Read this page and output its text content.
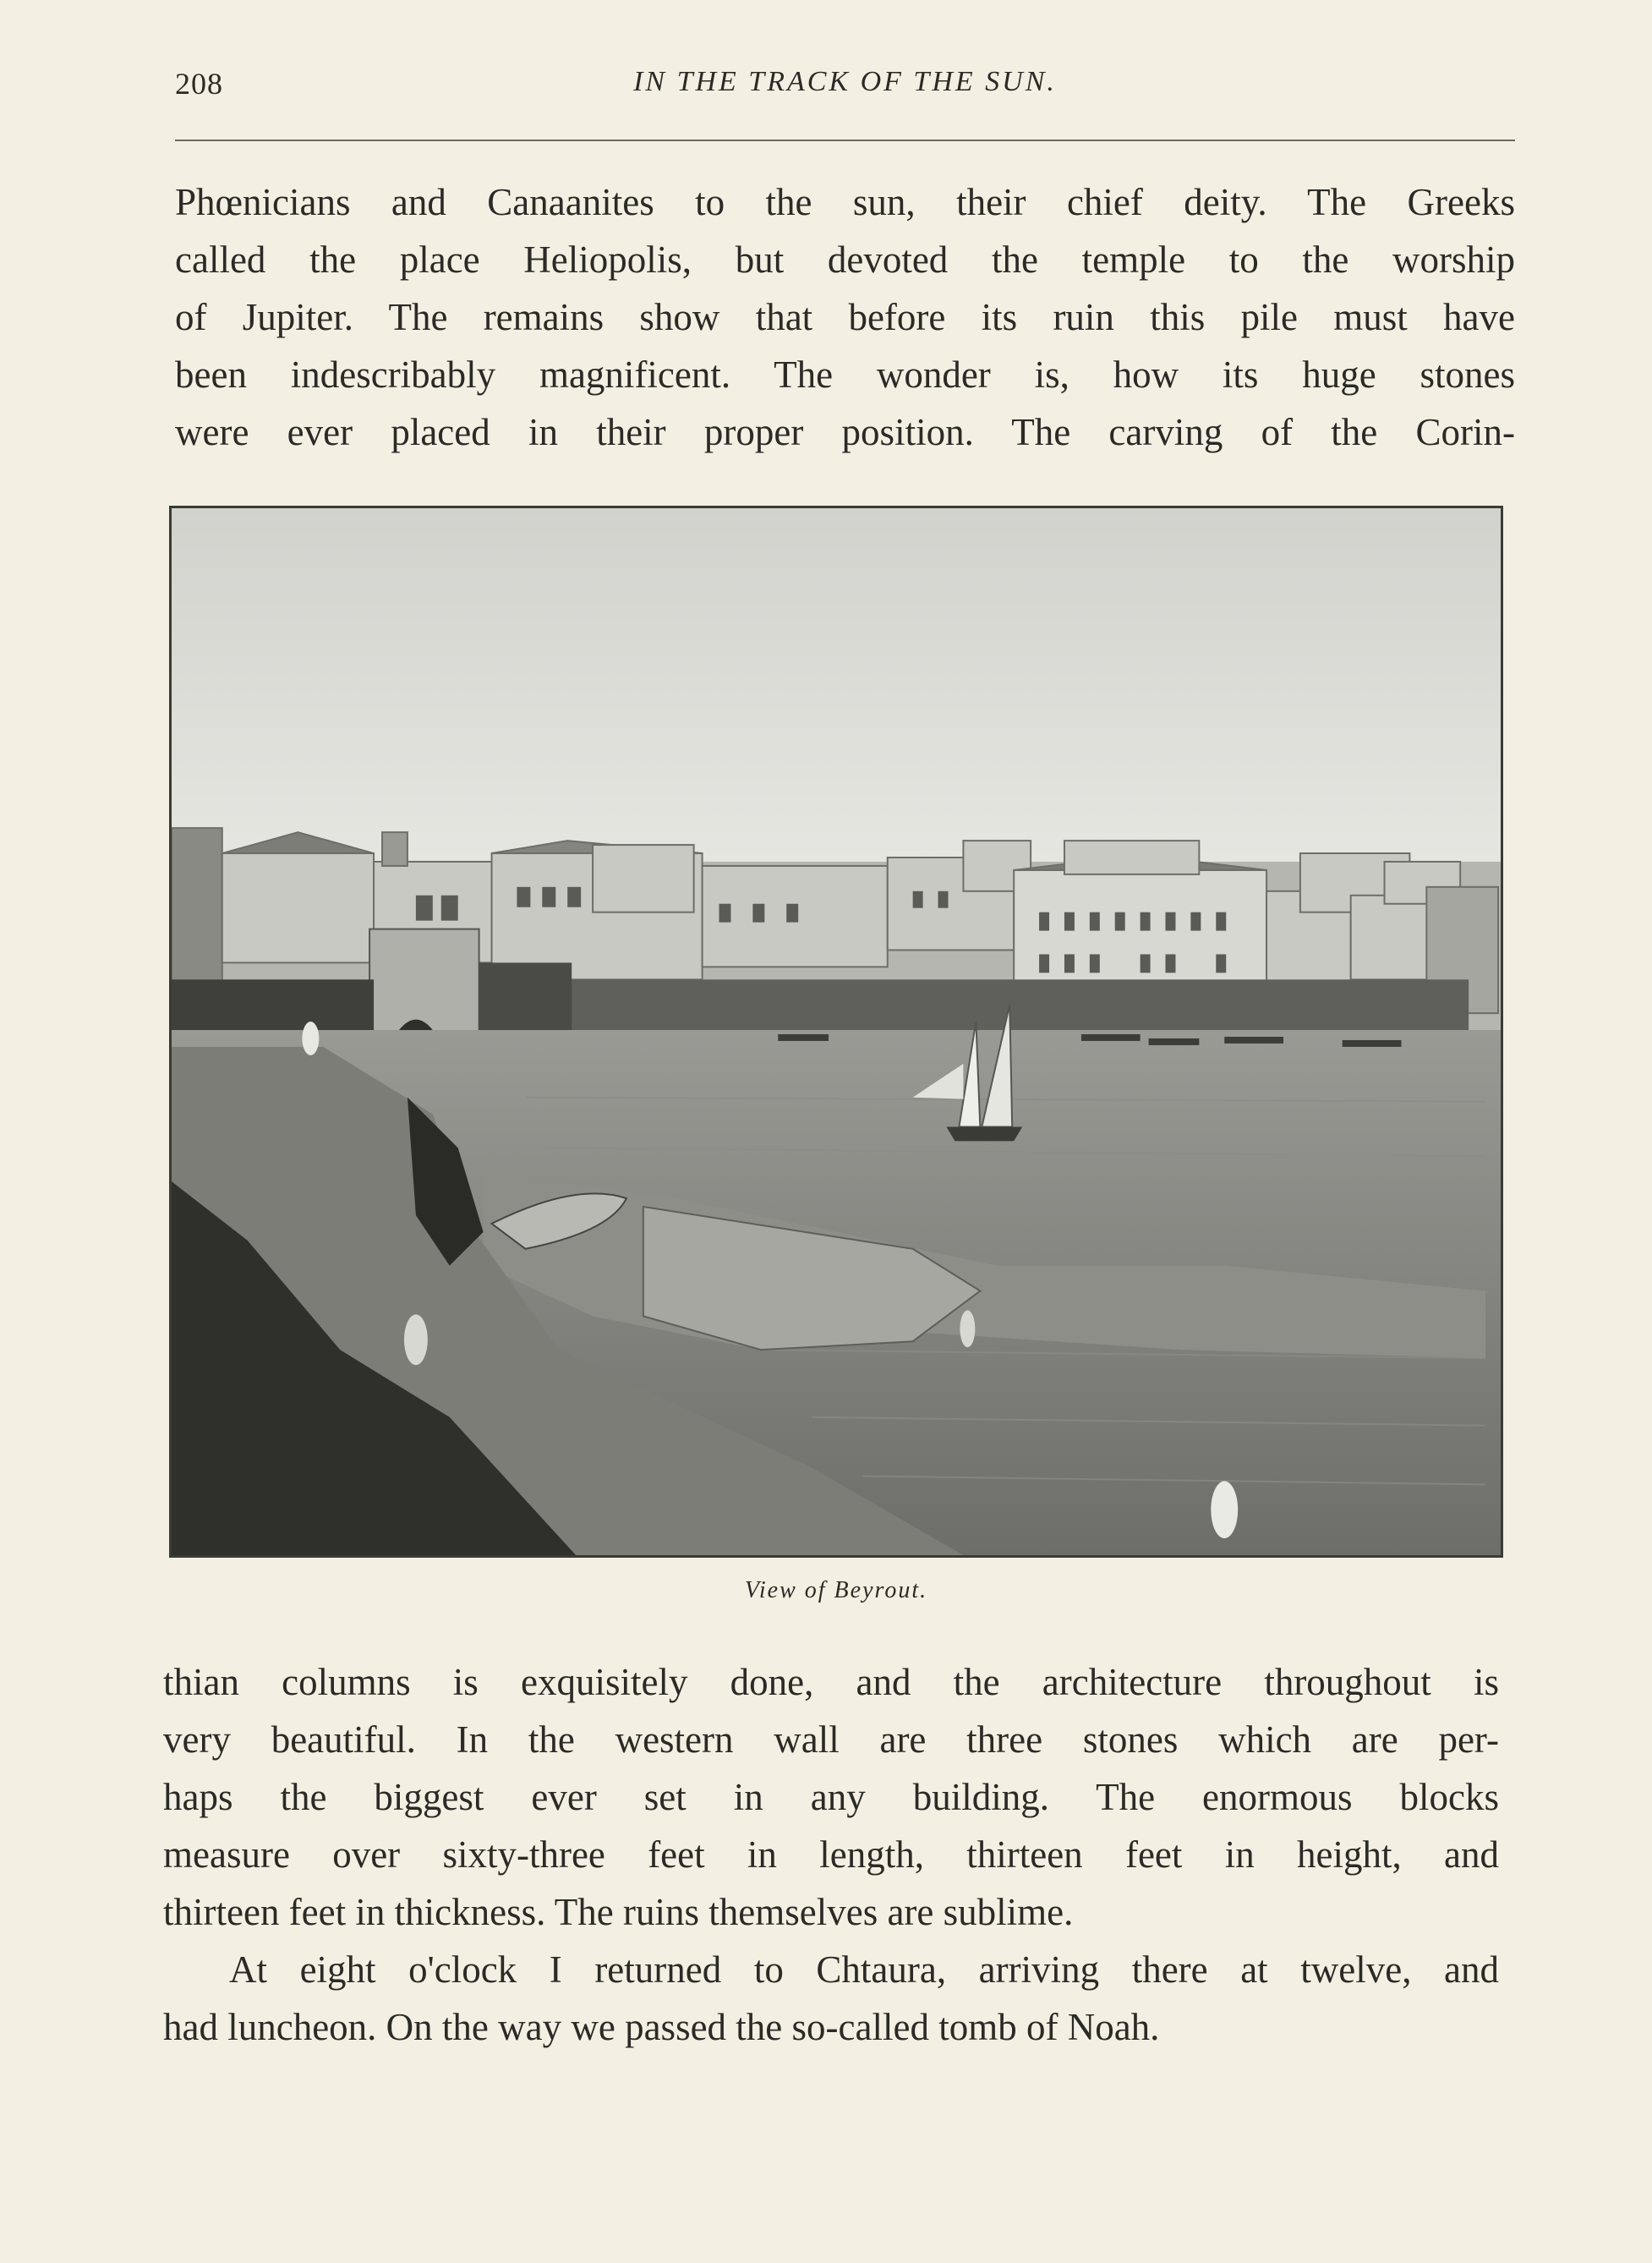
208	IN THE TRACK OF THE SUN.
Phœnicians and Canaanites to the sun, their chief deity. The Greeks
called the place Heliopolis, but devoted the temple to the worship
of Jupiter. The remains show that before its ruin this pile must have
been indescribably magnificent. The wonder is, how its huge stones
were ever placed in their proper position. The carving of the Corin-
View of Beyrout.
thian columns is exquisitely done, and the architecture throughout is
very beautiful. In the western wall are three stones which are per-
haps the biggest ever set in any building. The enormous blocks
measure over sixty-three feet in length, thirteen feet in height, and
thirteen feet in thickness. The ruins themselves are sublime.
At eight o'clock I returned to Chtaura, arriving there at twelve, and
had luncheon. On the way we passed the so-called tomb of Noah.
